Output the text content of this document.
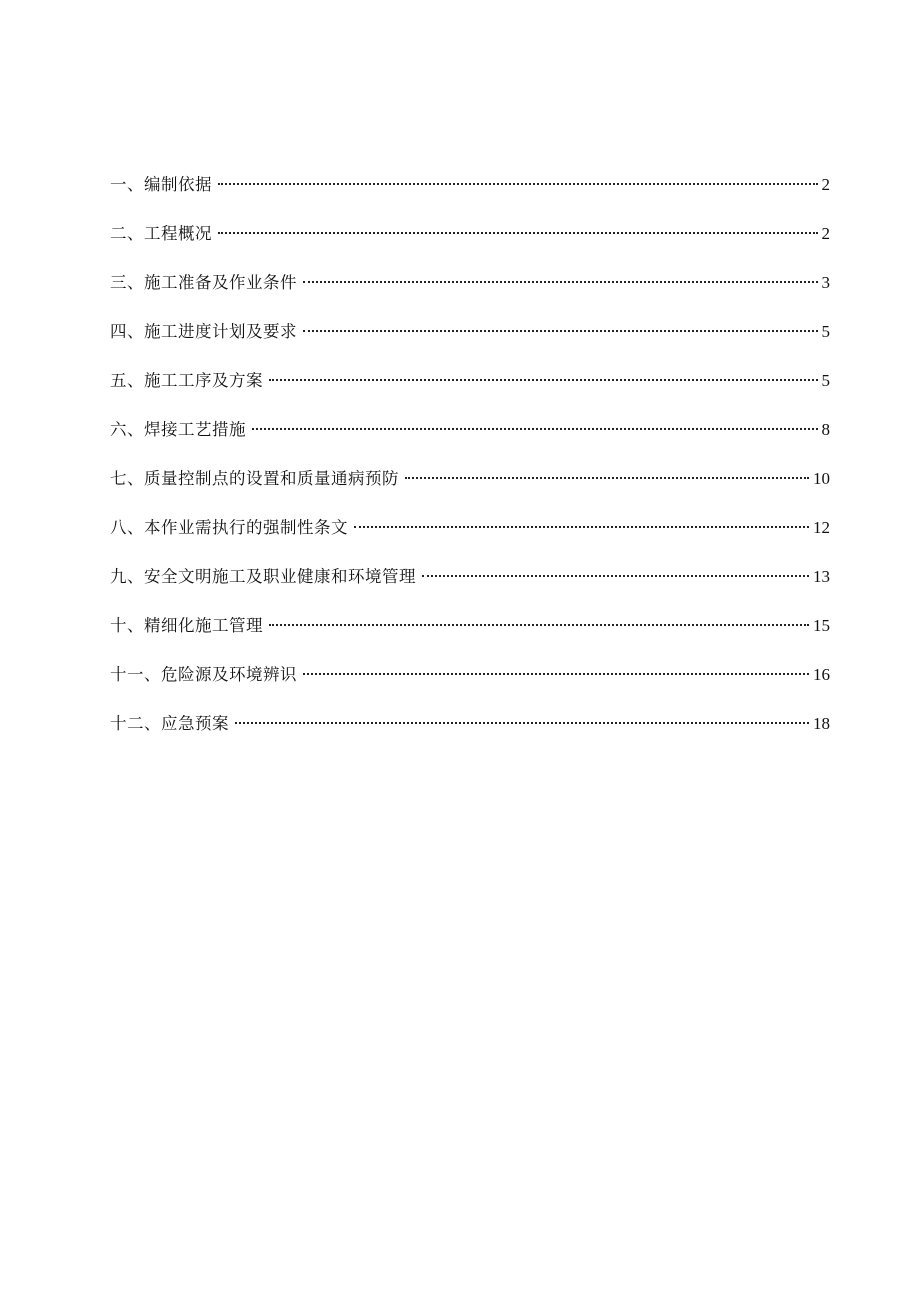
一、编制依据	2
二、工程概况	2
三、施工准备及作业条件	3
四、施工进度计划及要求	5
五、施工工序及方案	5
六、焊接工艺措施	8
七、质量控制点的设置和质量通病预防	10
八、本作业需执行的强制性条文	12
九、安全文明施工及职业健康和环境管理	13
十、精细化施工管理	15
十一、危险源及环境辨识	16
十二、应急预案	18
